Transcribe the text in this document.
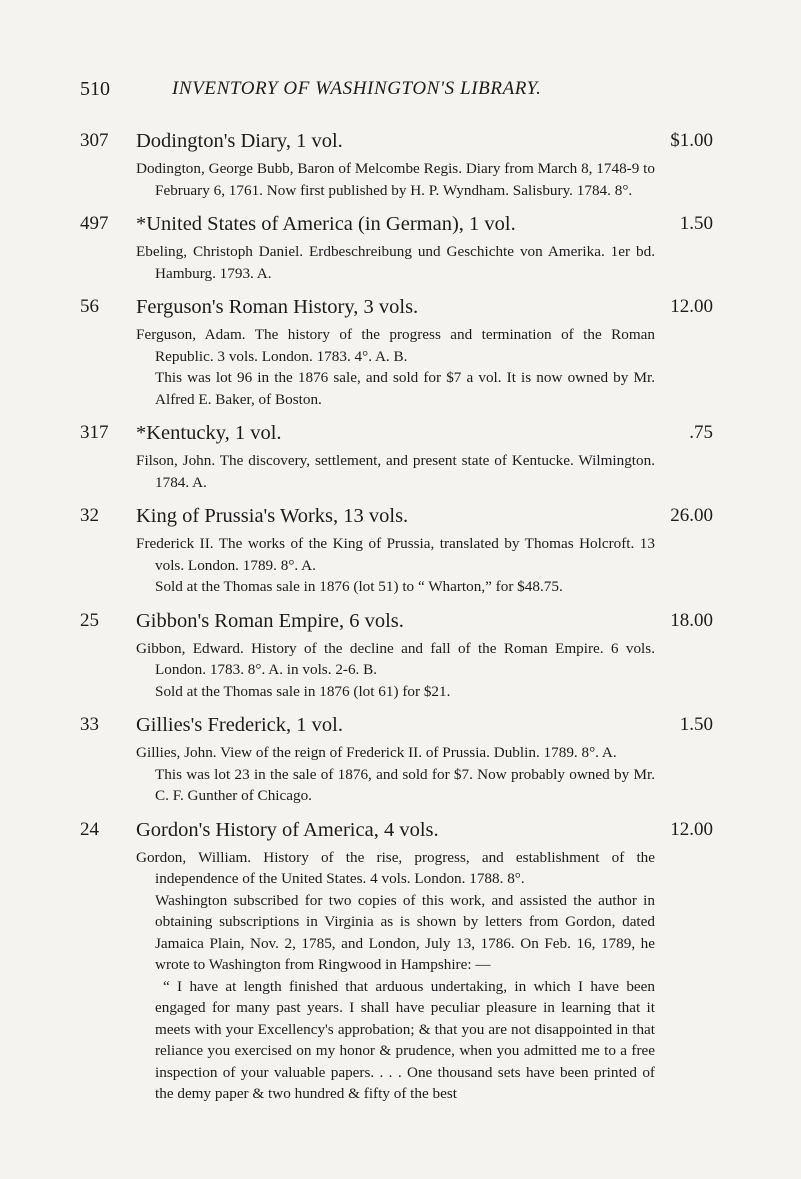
510	INVENTORY OF WASHINGTON'S LIBRARY.
307 Dodington's Diary, 1 vol.	$1.00

Dodington, George Bubb, Baron of Melcombe Regis. Diary from March 8, 1748-9 to February 6, 1761. Now first published by H. P. Wyndham. Salisbury. 1784. 8°.

497 *United States of America (in German), 1 vol.	1.50

Ebeling, Christoph Daniel. Erdbeschreibung und Geschichte von Amerika. 1er bd. Hamburg. 1793. A.

56 Ferguson's Roman History, 3 vols.	12.00

Ferguson, Adam. The history of the progress and termination of the Roman Republic. 3 vols. London. 1783. 4°. A. B.

This was lot 96 in the 1876 sale, and sold for $7 a vol. It is now owned by Mr. Alfred E. Baker, of Boston.

317 *Kentucky, 1 vol.	.75

Filson, John. The discovery, settlement, and present state of Kentucke. Wilmington. 1784. A.

32 King of Prussia's Works, 13 vols.	26.00

Frederick II. The works of the King of Prussia, translated by Thomas Holcroft. 13 vols. London. 1789. 8°. A.

Sold at the Thomas sale in 1876 (lot 51) to “ Wharton,” for $48.75.

25 Gibbon's Roman Empire, 6 vols.	18.00

Gibbon, Edward. History of the decline and fall of the Roman Empire. 6 vols. London. 1783. 8°. A. in vols. 2-6. B.

Sold at the Thomas sale in 1876 (lot 61) for $21.

33 Gillies's Frederick, 1 vol.	1.50

Gillies, John. View of the reign of Frederick II. of Prussia. Dublin. 1789. 8°. A.

This was lot 23 in the sale of 1876, and sold for $7. Now probably owned by Mr. C. F. Gunther of Chicago.

24 Gordon's History of America, 4 vols.	12.00

Gordon, William. History of the rise, progress, and establishment of the independence of the United States. 4 vols. London. 1788. 8°.

Washington subscribed for two copies of this work, and assisted the author in obtaining subscriptions in Virginia as is shown by letters from Gordon, dated Jamaica Plain, Nov. 2, 1785, and London, July 13, 1786. On Feb. 16, 1789, he wrote to Washington from Ringwood in Hampshire: —

“ I have at length finished that arduous undertaking, in which I have been engaged for many past years. I shall have peculiar pleasure in learning that it meets with your Excellency's approbation; & that you are not disappointed in that reliance you exercised on my honor & prudence, when you admitted me to a free inspection of your valuable papers. . . . One thousand sets have been printed of the demy paper & two hundred & fifty of the best
